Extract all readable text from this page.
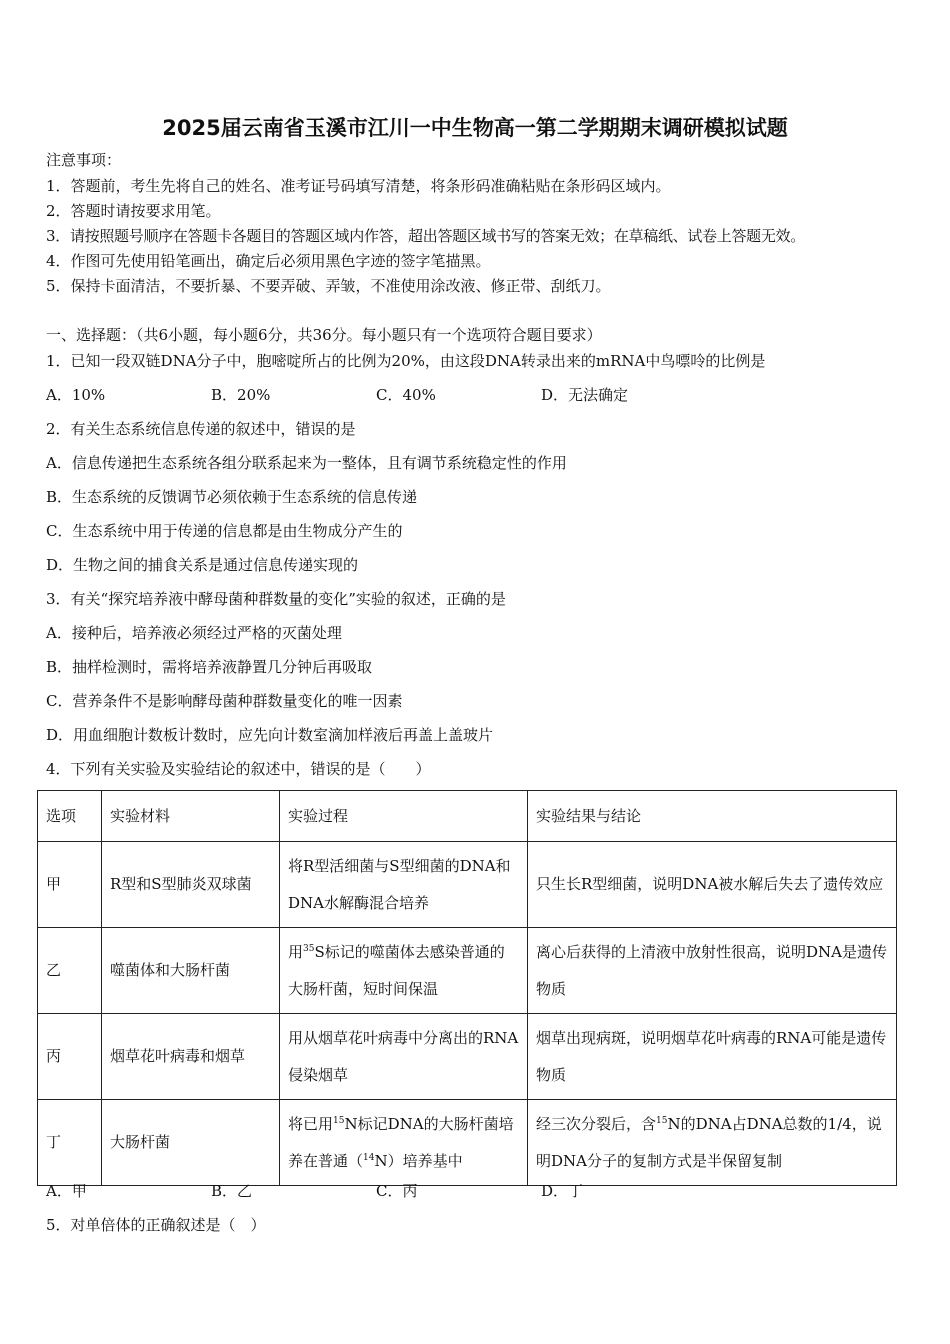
2025届云南省玉溪市江川一中生物高一第二学期期末调研模拟试题
注意事项：
1．答题前，考生先将自己的姓名、准考证号码填写清楚，将条形码准确粘贴在条形码区域内。
2．答题时请按要求用笔。
3．请按照题号顺序在答题卡各题目的答题区域内作答，超出答题区域书写的答案无效；在草稿纸、试卷上答题无效。
4．作图可先使用铅笔画出，确定后必须用黑色字迹的签字笔描黑。
5．保持卡面清洁，不要折暴、不要弄破、弄皱，不准使用涂改液、修正带、刮纸刀。
一、选择题：（共6小题，每小题6分，共36分。每小题只有一个选项符合题目要求）
1．已知一段双链DNA分子中，胞嘧啶所占的比例为20%，由这段DNA转录出来的mRNA中鸟嘌呤的比例是
A．10%	B．20%	C．40%	D．无法确定
2．有关生态系统信息传递的叙述中，错误的是
A．信息传递把生态系统各组分联系起来为一整体，且有调节系统稳定性的作用
B．生态系统的反馈调节必须依赖于生态系统的信息传递
C．生态系统中用于传递的信息都是由生物成分产生的
D．生物之间的捕食关系是通过信息传递实现的
3．有关“探究培养液中酵母菌种群数量的变化”实验的叙述，正确的是
A．接种后，培养液必须经过严格的灭菌处理
B．抽样检测时，需将培养液静置几分钟后再吸取
C．营养条件不是影响酵母菌种群数量变化的唯一因素
D．用血细胞计数板计数时，应先向计数室滴加样液后再盖上盖玻片
4．下列有关实验及实验结论的叙述中，错误的是（　　）
选项	实验材料	实验过程	实验结果与结论
甲	R型和S型肺炎双球菌	将R型活细菌与S型细菌的DNA和DNA水解酶混合培养	只生长R型细菌，说明DNA被水解后失去了遗传效应
乙	噬菌体和大肠杆菌	用$^{35}$S标记的噬菌体去感染普通的大肠杆菌，短时间保温	离心后获得的上清液中放射性很高，说明DNA是遗传物质
丙	烟草花叶病毒和烟草	用从烟草花叶病毒中分离出的RNA侵染烟草	烟草出现病斑，说明烟草花叶病毒的RNA可能是遗传物质
丁	大肠杆菌	将已用$^{15}$N标记DNA的大肠杆菌培养在普通（$^{14}$N）培养基中	经三次分裂后，含$^{15}$N的DNA占DNA总数的1/4，说明DNA分子的复制方式是半保留复制
A．甲	B．乙	C．丙	D．丁
5．对单倍体的正确叙述是（　）
